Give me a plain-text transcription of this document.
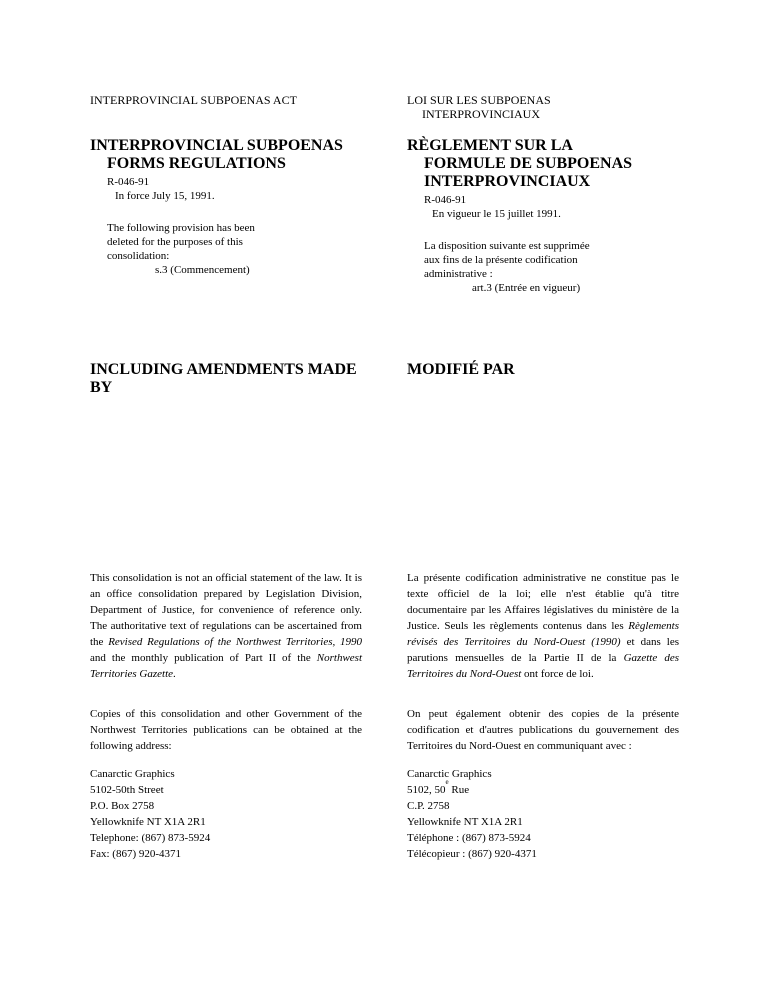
INTERPROVINCIAL SUBPOENAS ACT	LOI SUR LES SUBPOENAS
INTERPROVINCIAUX
INTERPROVINCIAL SUBPOENAS
FORMS REGULATIONS
RÈGLEMENT SUR LA
FORMULE DE SUBPOENAS
INTERPROVINCIAUX
R-046-91
In force July 15, 1991.	R-046-91
En vigueur le 15 juillet 1991.
The following provision has been
deleted for the purposes of this
consolidation:
s.3 (Commencement)
La disposition suivante est supprimée
aux fins de la présente codification
administrative :
art.3 (Entrée en vigueur)
INCLUDING AMENDMENTS MADE BY
MODIFIÉ PAR
This consolidation is not an official statement of the law. It is an office consolidation prepared by Legislation Division, Department of Justice, for convenience of reference only. The authoritative text of regulations can be ascertained from the Revised Regulations of the Northwest Territories, 1990 and the monthly publication of Part II of the Northwest Territories Gazette.
La présente codification administrative ne constitue pas le texte officiel de la loi; elle n'est établie qu'à titre documentaire par les Affaires législatives du ministère de la Justice. Seuls les règlements contenus dans les Règlements révisés des Territoires du Nord-Ouest (1990) et dans les parutions mensuelles de la Partie II de la Gazette des Territoires du Nord-Ouest ont force de loi.
Copies of this consolidation and other Government of the Northwest Territories publications can be obtained at the following address:
On peut également obtenir des copies de la présente codification et d'autres publications du gouvernement des Territoires du Nord-Ouest en communiquant avec :
Canarctic Graphics
5102-50th Street
P.O. Box 2758
Yellowknife NT X1A 2R1
Telephone: (867) 873-5924
Fax: (867) 920-4371
Canarctic Graphics
5102, 50e Rue
C.P. 2758
Yellowknife NT X1A 2R1
Téléphone : (867) 873-5924
Télécopieur : (867) 920-4371
